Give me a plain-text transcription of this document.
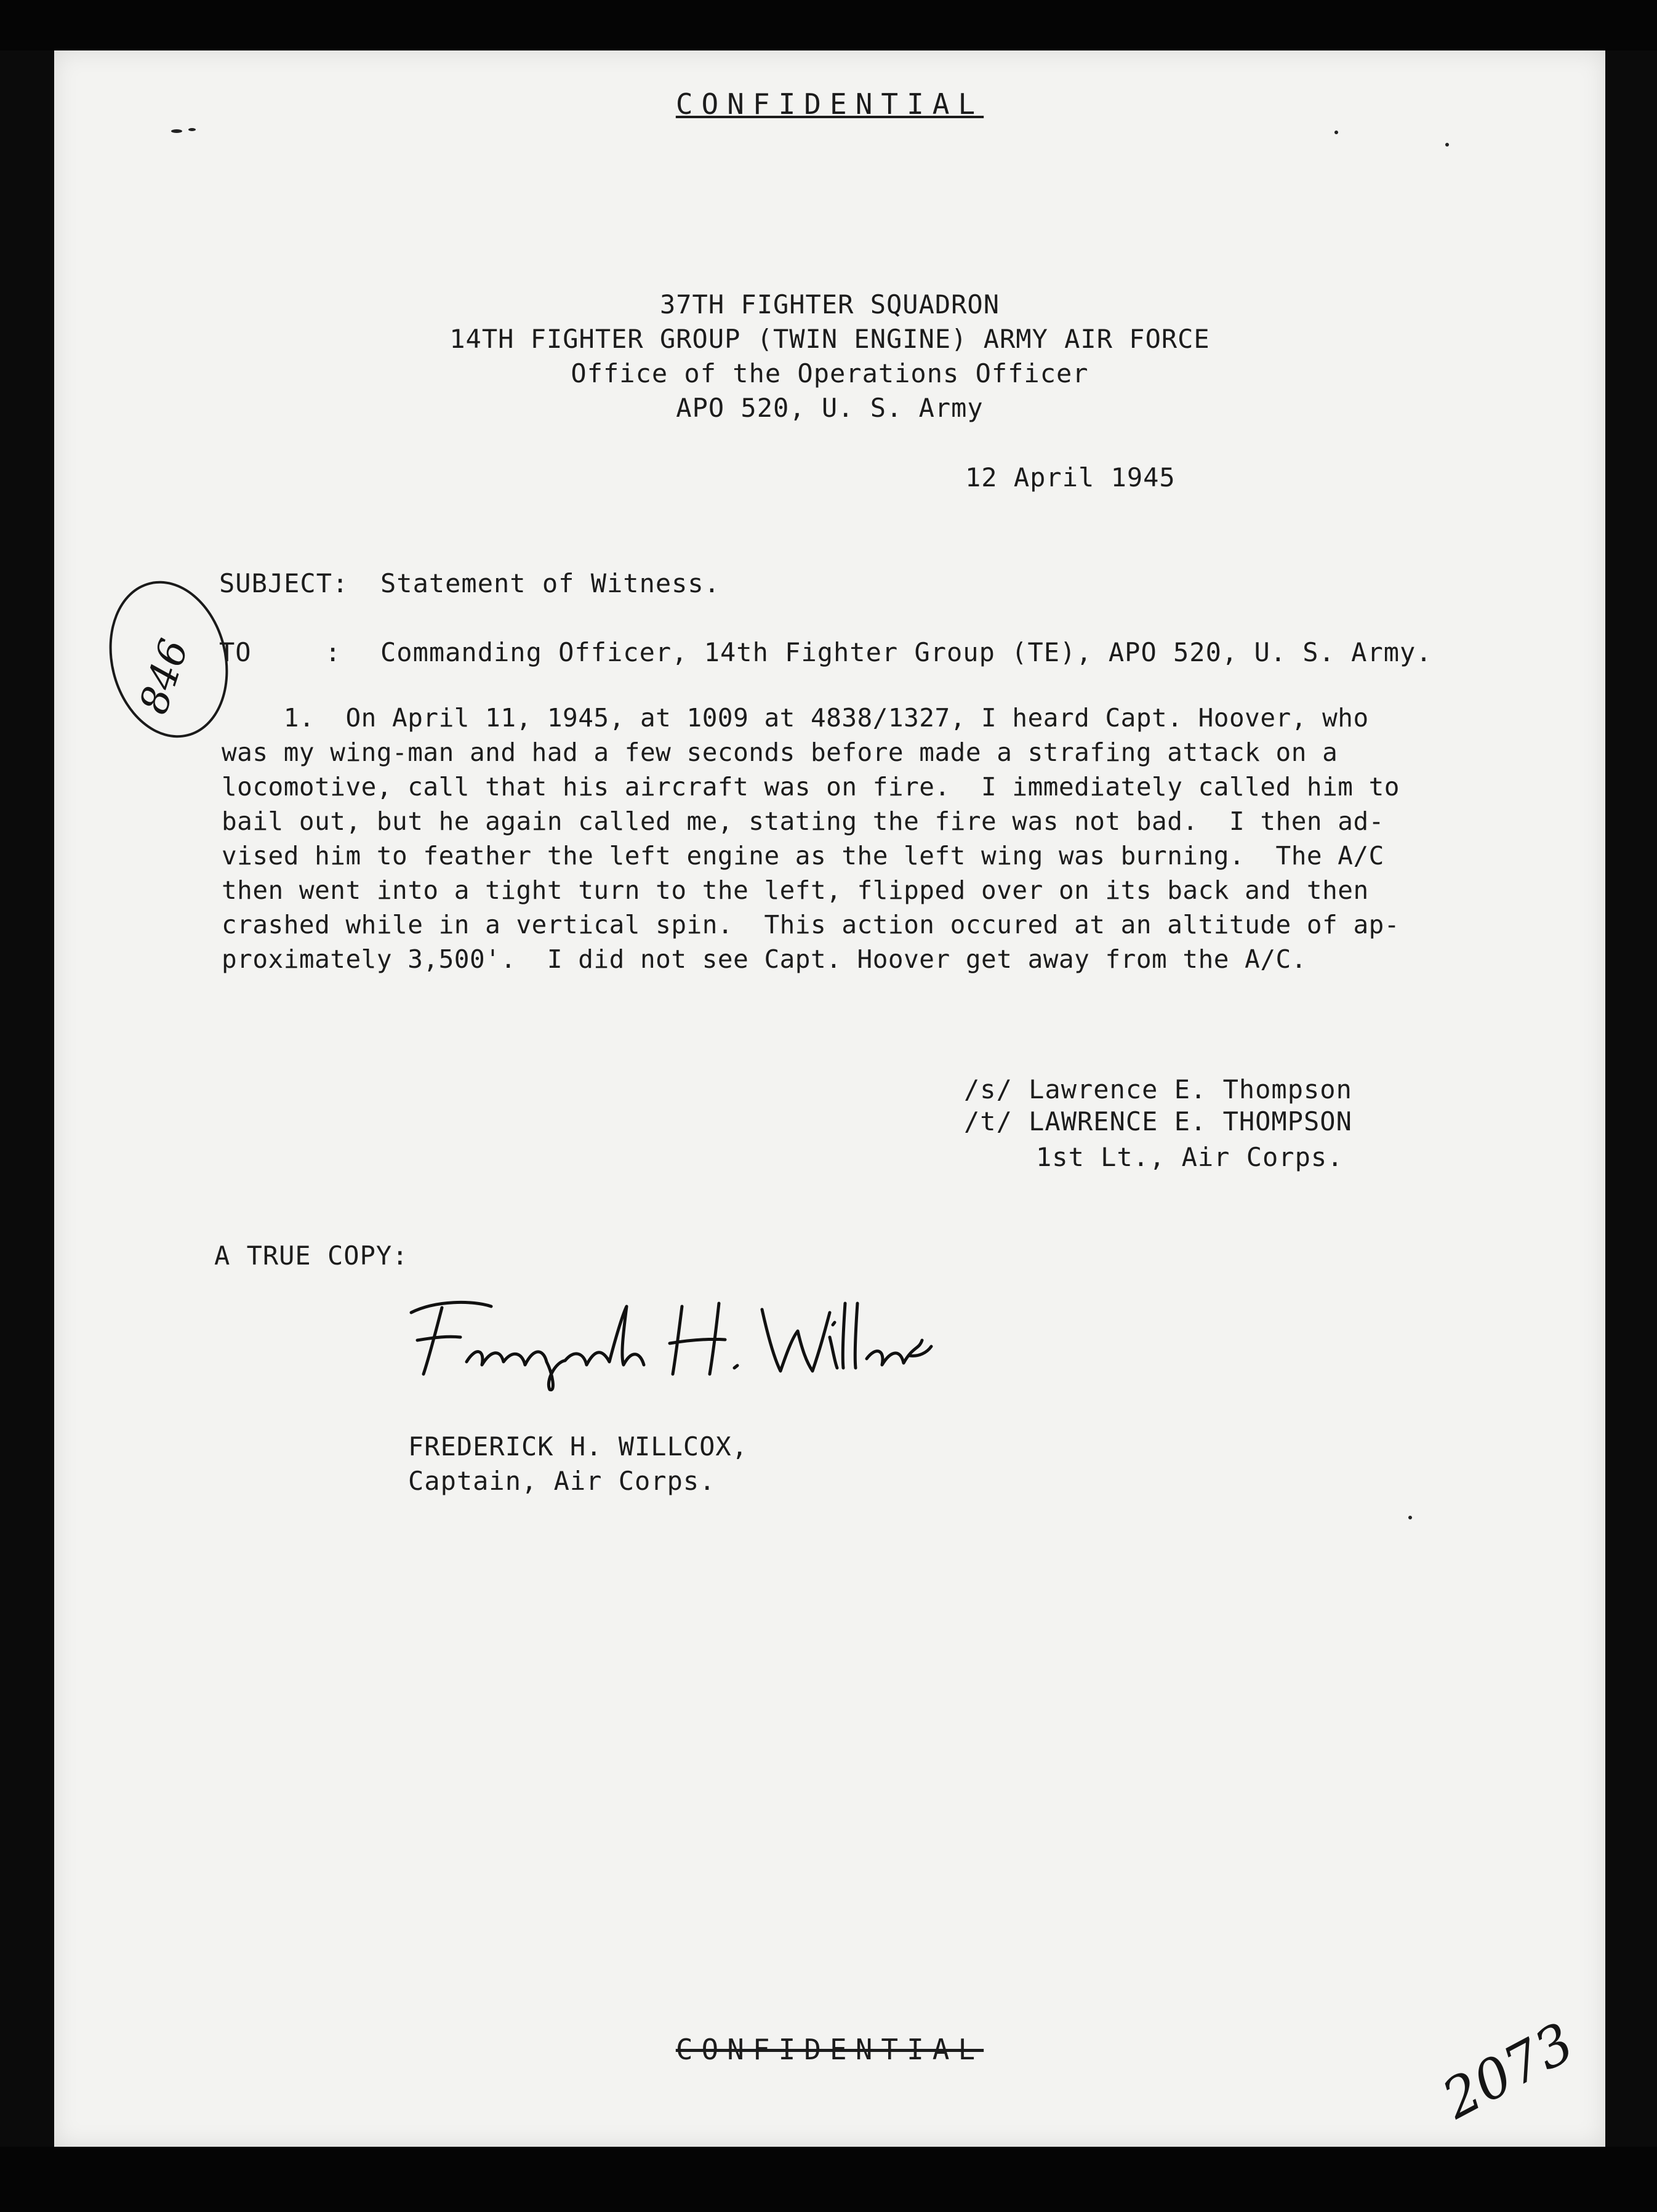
CONFIDENTIAL
37TH FIGHTER SQUADRON
14TH FIGHTER GROUP (TWIN ENGINE) ARMY AIR FORCE
Office of the Operations Officer
APO 520, U. S. Army
12 April 1945
SUBJECT: Statement of Witness.
TO	: Commanding Officer, 14th Fighter Group (TE), APO 520, U. S. Army.

1.  On April 11, 1945, at 1009 at 4838/1327, I heard Capt. Hoover, who

was my wing-man and had a few seconds before made a strafing attack on a

locomotive, call that his aircraft was on fire.  I immediately called him to

bail out, but he again called me, stating the fire was not bad.  I then ad-

vised him to feather the left engine as the left wing was burning.  The A/C

then went into a tight turn to the left, flipped over on its back and then

crashed while in a vertical spin.  This action occured at an altitude of ap-

proximately 3,500'.  I did not see Capt. Hoover get away from the A/C.

/s/ Lawrence E. Thompson
/t/ LAWRENCE E. THOMPSON
1st Lt., Air Corps.
A TRUE COPY:
FREDERICK H. WILLCOX,
Captain, Air Corps.
846
CONFIDENTIAL	2073
